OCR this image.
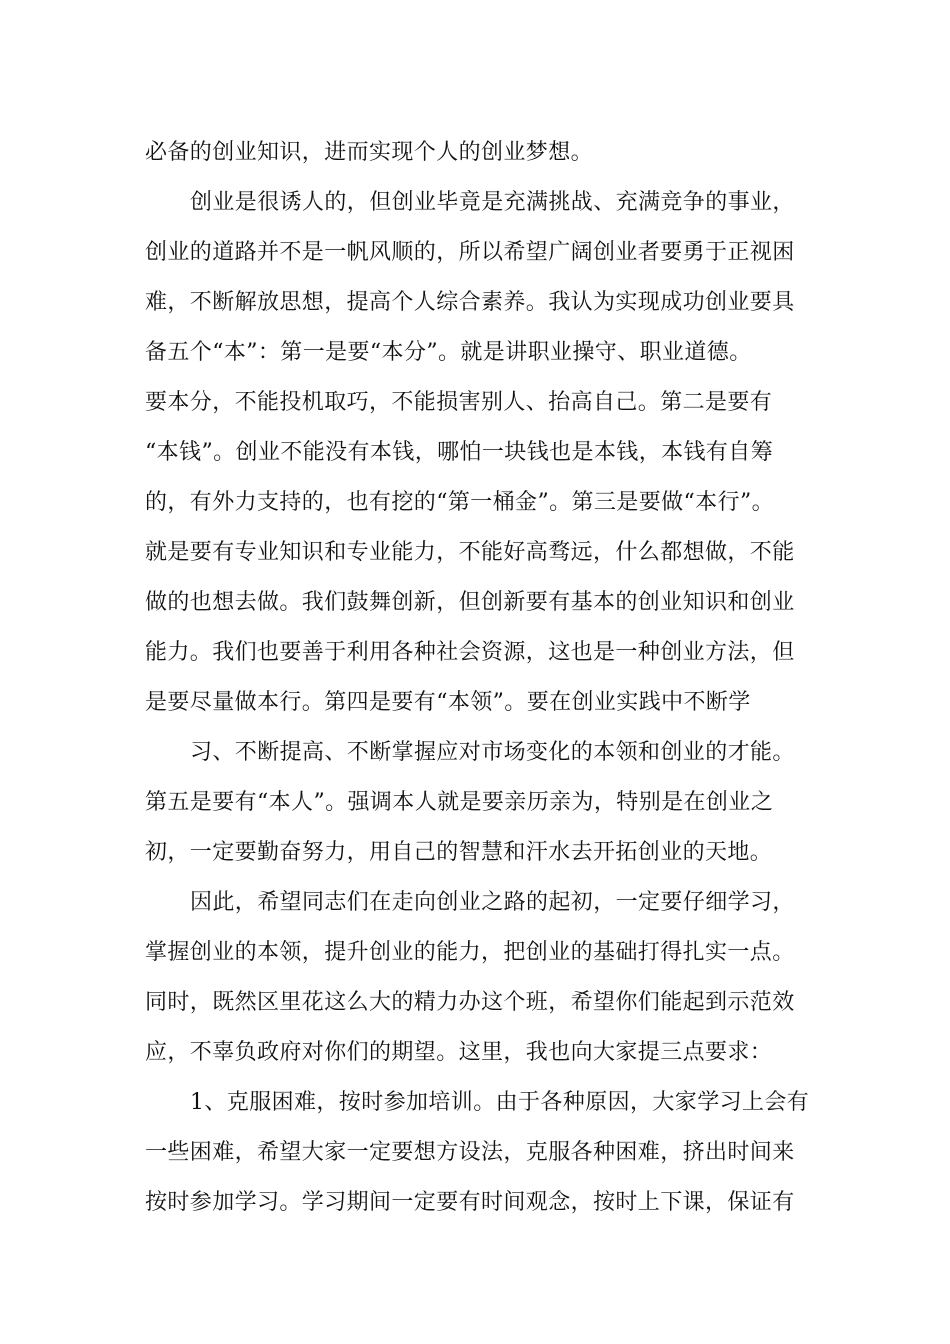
必备的创业知识，进而实现个人的创业梦想。
创业是很诱人的，但创业毕竟是充满挑战、充满竞争的事业，
创业的道路并不是一帆风顺的，所以希望广阔创业者要勇于正视困
难，不断解放思想，提高个人综合素养。我认为实现成功创业要具
备五个“本”：第一是要“本分”。就是讲职业操守、职业道德。
要本分，不能投机取巧，不能损害别人、抬高自己。第二是要有
“本钱”。创业不能没有本钱，哪怕一块钱也是本钱，本钱有自筹
的，有外力支持的，也有挖的“第一桶金”。第三是要做“本行”。
就是要有专业知识和专业能力，不能好高骛远，什么都想做，不能
做的也想去做。我们鼓舞创新，但创新要有基本的创业知识和创业
能力。我们也要善于利用各种社会资源，这也是一种创业方法，但
是要尽量做本行。第四是要有“本领”。要在创业实践中不断学
习、不断提高、不断掌握应对市场变化的本领和创业的才能。
第五是要有“本人”。强调本人就是要亲历亲为，特别是在创业之
初，一定要勤奋努力，用自己的智慧和汗水去开拓创业的天地。
因此，希望同志们在走向创业之路的起初，一定要仔细学习，
掌握创业的本领，提升创业的能力，把创业的基础打得扎实一点。
同时，既然区里花这么大的精力办这个班，希望你们能起到示范效
应，不辜负政府对你们的期望。这里，我也向大家提三点要求：
1、克服困难，按时参加培训。由于各种原因，大家学习上会有
一些困难，希望大家一定要想方设法，克服各种困难，挤出时间来
按时参加学习。学习期间一定要有时间观念，按时上下课，保证有
